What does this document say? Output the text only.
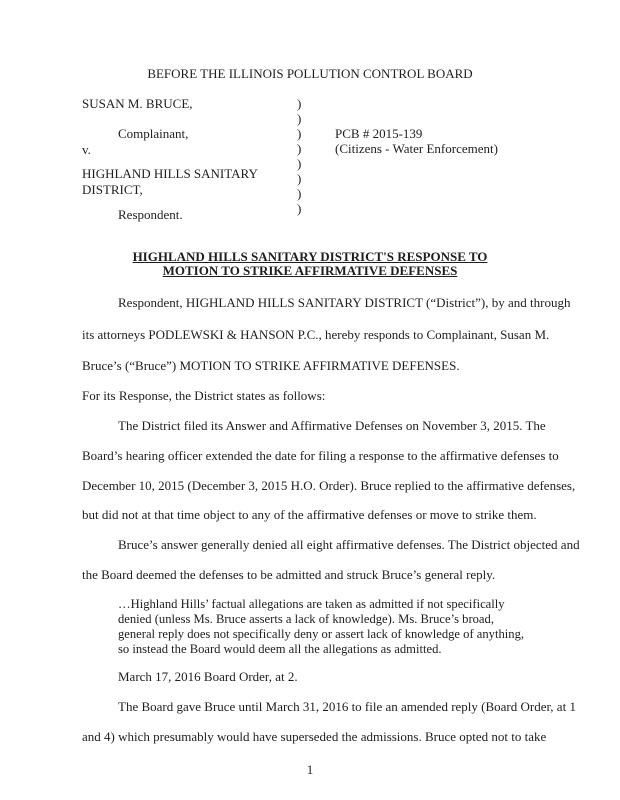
BEFORE THE ILLINOIS POLLUTION CONTROL BOARD
SUSAN M. BRUCE,
Complainant,
v.
HIGHLAND HILLS SANITARY
DISTRICT,
Respondent.
)
)
)
)
)
)
)
)
PCB # 2015-139
(Citizens - Water Enforcement)
HIGHLAND HILLS SANITARY DISTRICT'S RESPONSE TO
MOTION TO STRIKE AFFIRMATIVE DEFENSES
Respondent, HIGHLAND HILLS SANITARY DISTRICT (“District”), by and through
its attorneys PODLEWSKI & HANSON P.C., hereby responds to Complainant, Susan M.
Bruce’s (“Bruce”) MOTION TO STRIKE AFFIRMATIVE DEFENSES.
For its Response, the District states as follows:
The District filed its Answer and Affirmative Defenses on November 3, 2015. The
Board’s hearing officer extended the date for filing a response to the affirmative defenses to
December 10, 2015 (December 3, 2015 H.O. Order). Bruce replied to the affirmative defenses,
but did not at that time object to any of the affirmative defenses or move to strike them.
Bruce’s answer generally denied all eight affirmative defenses. The District objected and
the Board deemed the defenses to be admitted and struck Bruce’s general reply.
…Highland Hills’ factual allegations are taken as admitted if not specifically
denied (unless Ms. Bruce asserts a lack of knowledge). Ms. Bruce’s broad,
general reply does not specifically deny or assert lack of knowledge of anything,
so instead the Board would deem all the allegations as admitted.
March 17, 2016 Board Order, at 2.
The Board gave Bruce until March 31, 2016 to file an amended reply (Board Order, at 1
and 4) which presumably would have superseded the admissions. Bruce opted not to take
1
